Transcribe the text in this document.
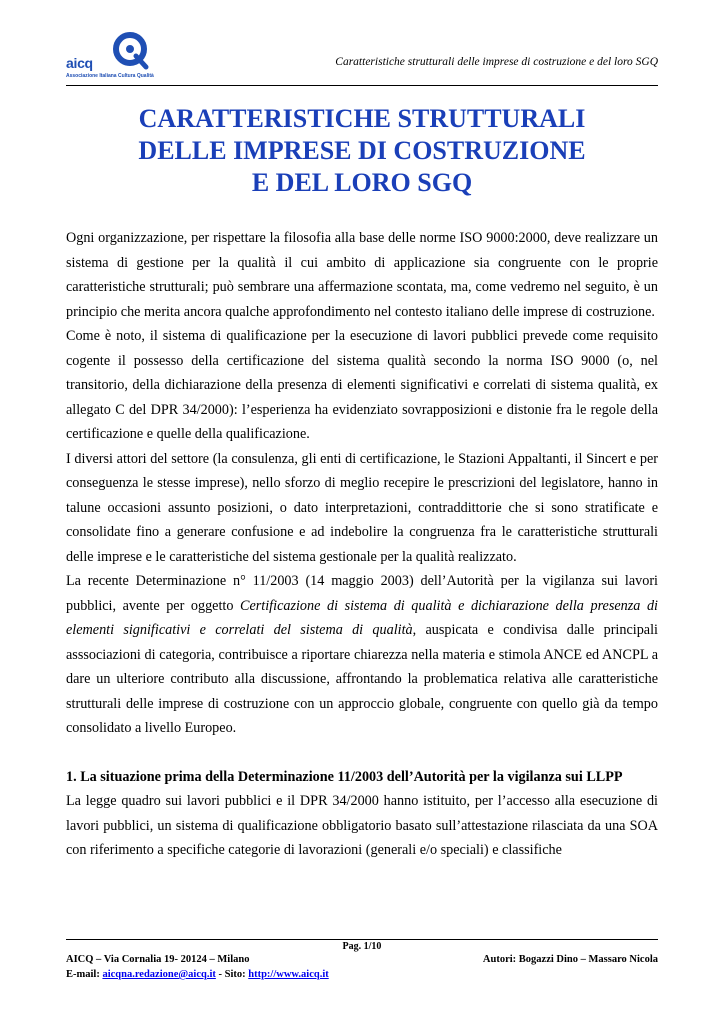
aicq
Associazione Italiana Cultura Qualità
Caratteristiche strutturali delle imprese di costruzione e del loro SGQ
CARATTERISTICHE STRUTTURALI
DELLE IMPRESE DI COSTRUZIONE
E DEL LORO SGQ

Ogni organizzazione, per rispettare la filosofia alla base delle norme ISO 9000:2000, deve realizzare un sistema di gestione per la qualità il cui ambito di applicazione sia congruente con le proprie caratteristiche strutturali; può sembrare una affermazione scontata, ma, come vedremo nel seguito, è un principio che merita ancora qualche approfondimento nel contesto italiano delle imprese di costruzione.

Come è noto, il sistema di qualificazione per la esecuzione di lavori pubblici prevede come requisito cogente il possesso della certificazione del sistema qualità secondo la norma ISO 9000 (o, nel transitorio, della dichiarazione della presenza di elementi significativi e correlati di sistema qualità, ex allegato C del DPR 34/2000): l’esperienza ha evidenziato sovrapposizioni e distonie fra le regole della certificazione e quelle della qualificazione.

I diversi attori del settore (la consulenza, gli enti di certificazione, le Stazioni Appaltanti, il Sincert e per conseguenza le stesse imprese), nello sforzo di meglio recepire le prescrizioni del legislatore, hanno in talune occasioni assunto posizioni, o dato interpretazioni, contraddittorie che si sono stratificate e consolidate fino a generare confusione e ad indebolire la congruenza fra le caratteristiche strutturali delle imprese e le caratteristiche del sistema gestionale per la qualità realizzato.

La recente Determinazione n° 11/2003 (14 maggio 2003) dell’Autorità per la vigilanza sui lavori pubblici, avente per oggetto Certificazione di sistema di qualità e dichiarazione della presenza di elementi significativi e correlati del sistema di qualità, auspicata e condivisa dalle principali asssociazioni di categoria, contribuisce a riportare chiarezza nella materia e stimola ANCE ed ANCPL a dare un ulteriore contributo alla discussione, affrontando la problematica relativa alle caratteristiche strutturali delle imprese di costruzione con un approccio globale, congruente con quello già da tempo consolidato a livello Europeo.

1. La situazione prima della Determinazione 11/2003 dell’Autorità per la vigilanza sui LLPP

La legge quadro sui lavori pubblici e il DPR 34/2000 hanno istituito, per l’accesso alla esecuzione di lavori pubblici, un sistema di qualificazione obbligatorio basato sull’attestazione rilasciata da una SOA con riferimento a specifiche categorie di lavorazioni (generali e/o speciali) e classifiche

Pag. 1/10
AICQ – Via Cornalia 19- 20124 – Milano	Autori: Bogazzi Dino – Massaro Nicola
E-mail: aicqna.redazione@aicq.it - Sito: http://www.aicq.it
